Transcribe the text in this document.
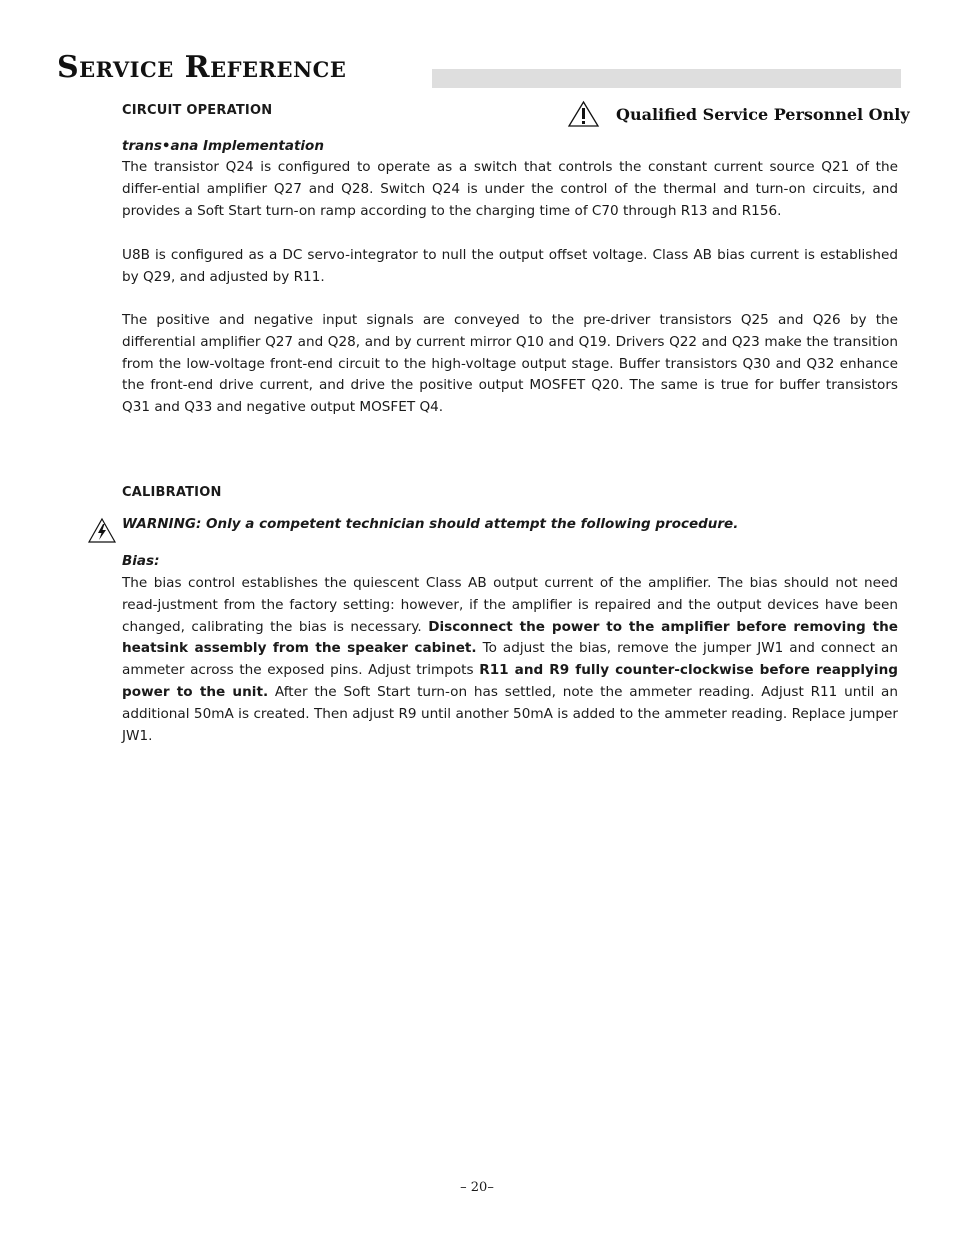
Service Reference
Qualified Service Personnel Only
CIRCUIT OPERATION
trans•ana Implementation

The transistor Q24 is configured to operate as a switch that controls the constant current source Q21 of the differ-ential amplifier Q27 and Q28. Switch Q24 is under the control of the thermal and turn-on circuits, and provides a Soft Start turn-on ramp according to the charging time of C70 through R13 and R156.

U8B is configured as a DC servo-integrator to null the output offset voltage. Class AB bias current is established by Q29, and adjusted by R11.

The positive and negative input signals are conveyed to the pre-driver transistors Q25 and Q26 by the differential amplifier Q27 and Q28, and by current mirror Q10 and Q19. Drivers Q22 and Q23 make the transition from the low-voltage front-end circuit to the high-voltage output stage. Buffer transistors Q30 and Q32 enhance the front-end drive current, and drive the positive output MOSFET Q20. The same is true for buffer transistors Q31 and Q33 and negative output MOSFET Q4.

CALIBRATION
WARNING: Only a competent technician should attempt the following procedure.
Bias:

The bias control establishes the quiescent Class AB output current of the amplifier. The bias should not need read-justment from the factory setting: however, if the amplifier is repaired and the output devices have been changed, calibrating the bias is necessary. Disconnect the power to the amplifier before removing the heatsink assembly from the speaker cabinet. To adjust the bias, remove the jumper JW1 and connect an ammeter across the exposed pins. Adjust trimpots R11 and R9 fully counter-clockwise before reapplying power to the unit. After the Soft Start turn-on has settled, note the ammeter reading. Adjust R11 until an additional 50mA is created. Then adjust R9 until another 50mA is added to the ammeter reading. Replace jumper JW1.

– 20–
